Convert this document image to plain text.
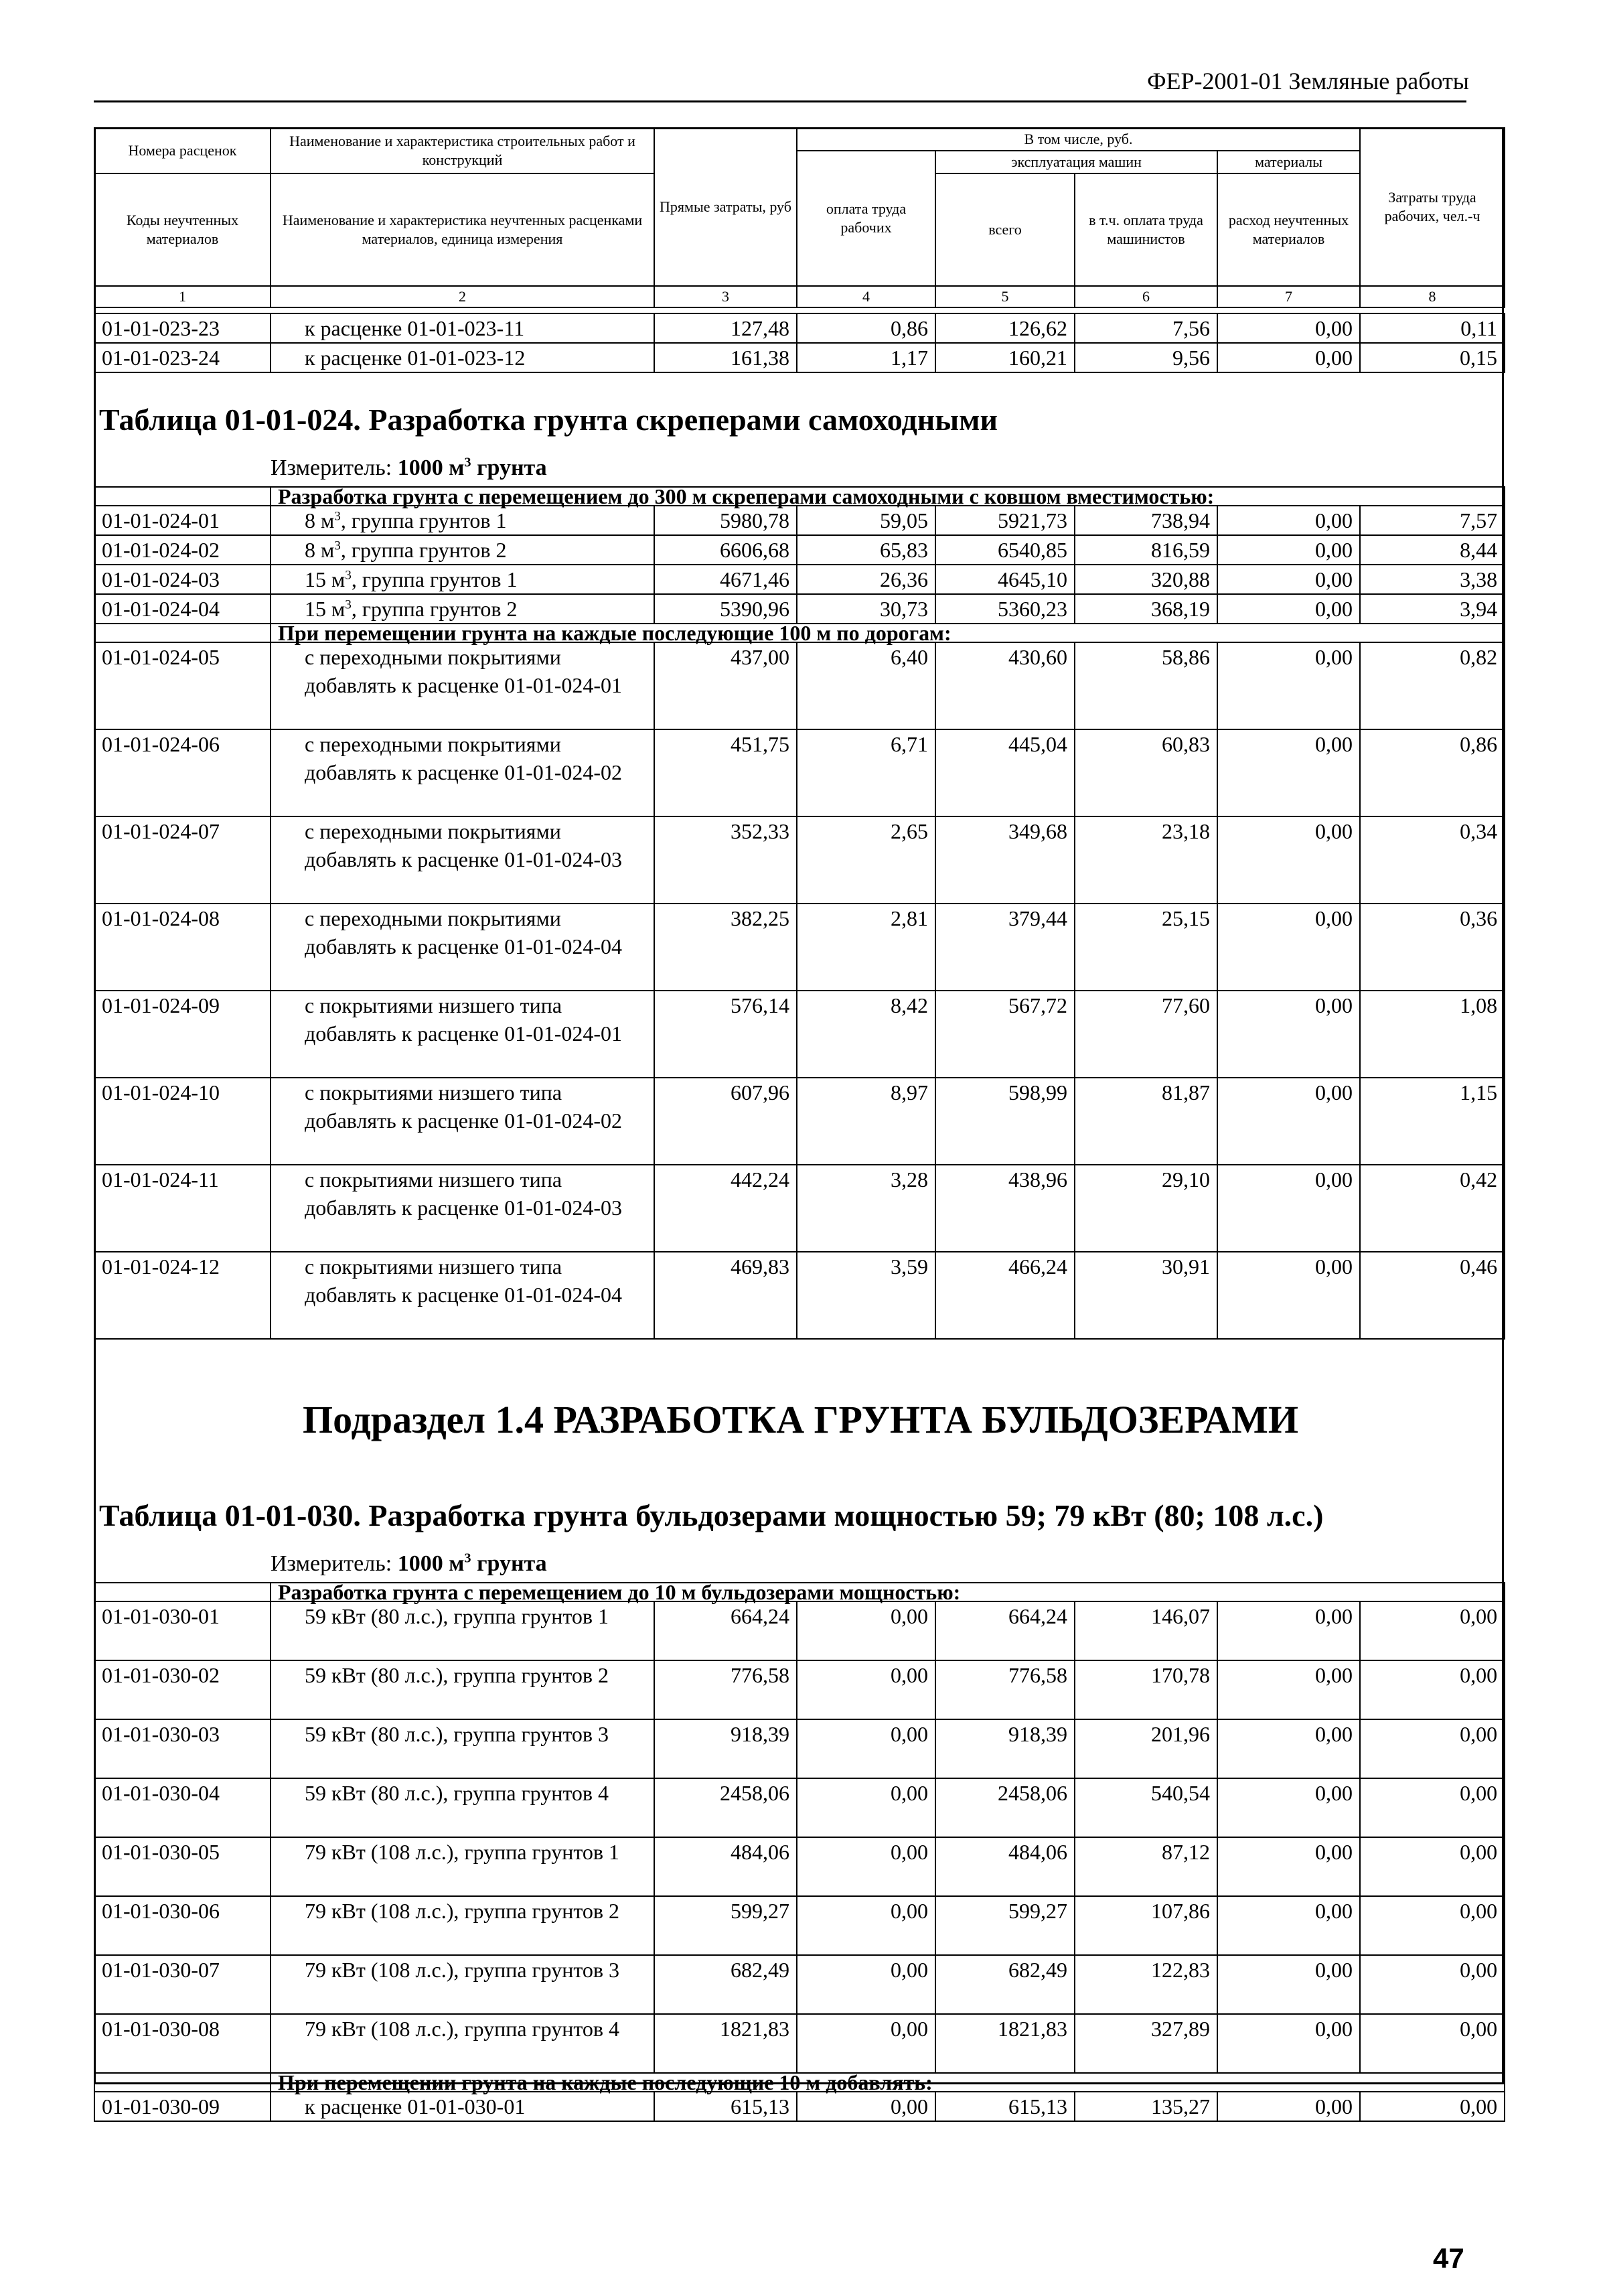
ФЕР-2001-01 Земляные работы
Номера расценок	Наименование и характеристика строительных работ и конструкций	Прямые затраты, руб	В том числе, руб.				Затраты труда рабочих, чел.-ч
			оплата труда рабочих	эксплуатация машин		материалы	
Коды неучтенных материалов	Наименование и характеристика неучтенных расценками материалов, единица измерения			всего	в т.ч. оплата труда машинистов	расход неучтенных материалов	

1	2	3	4	5	6	7	8
01-01-023-23	к расценке 01-01-023-11	127,48	0,86	126,62	7,56	0,00	0,11
01-01-023-24	к расценке 01-01-023-12	161,38	1,17	160,21	9,56	0,00	0,15
Таблица 01-01-024. Разработка грунта скреперами самоходными
Измеритель: 1000 $м^3$ грунта
	Разработка грунта с перемещением до 300 м скреперами самоходными с ковшом вместимостью:						
01-01-024-01	8 $м^3$, группа грунтов 1	5980,78	59,05	5921,73	738,94	0,00	7,57
01-01-024-02	8 $м^3$, группа грунтов 2	6606,68	65,83	6540,85	816,59	0,00	8,44
01-01-024-03	15 $м^3$, группа грунтов 1	4671,46	26,36	4645,10	320,88	0,00	3,38
01-01-024-04	15 $м^3$, группа грунтов 2	5390,96	30,73	5360,23	368,19	0,00	3,94
	При перемещении грунта на каждые последующие 100 м по дорогам:						
01-01-024-05	с переходными покрытиями добавлять к расценке 01-01-024-01	437,00	6,40	430,60	58,86	0,00	0,82
01-01-024-06	с переходными покрытиями добавлять к расценке 01-01-024-02	451,75	6,71	445,04	60,83	0,00	0,86
01-01-024-07	с переходными покрытиями добавлять к расценке 01-01-024-03	352,33	2,65	349,68	23,18	0,00	0,34
01-01-024-08	с переходными покрытиями добавлять к расценке 01-01-024-04	382,25	2,81	379,44	25,15	0,00	0,36
01-01-024-09	с покрытиями низшего типа добавлять к расценке 01-01-024-01	576,14	8,42	567,72	77,60	0,00	1,08
01-01-024-10	с покрытиями низшего типа добавлять к расценке 01-01-024-02	607,96	8,97	598,99	81,87	0,00	1,15
01-01-024-11	с покрытиями низшего типа добавлять к расценке 01-01-024-03	442,24	3,28	438,96	29,10	0,00	0,42
01-01-024-12	с покрытиями низшего типа добавлять к расценке 01-01-024-04	469,83	3,59	466,24	30,91	0,00	0,46
Подраздел 1.4 РАЗРАБОТКА ГРУНТА БУЛЬДОЗЕРАМИ
Таблица 01-01-030. Разработка грунта бульдозерами мощностью 59; 79 кВт (80; 108 л.с.)
Измеритель: 1000 $м^3$ грунта
	Разработка грунта с перемещением до 10 м бульдозерами мощностью:						
01-01-030-01	59 кВт (80 л.с.), группа грунтов 1	664,24	0,00	664,24	146,07	0,00	0,00
01-01-030-02	59 кВт (80 л.с.), группа грунтов 2	776,58	0,00	776,58	170,78	0,00	0,00
01-01-030-03	59 кВт (80 л.с.), группа грунтов 3	918,39	0,00	918,39	201,96	0,00	0,00
01-01-030-04	59 кВт (80 л.с.), группа грунтов 4	2458,06	0,00	2458,06	540,54	0,00	0,00
01-01-030-05	79 кВт (108 л.с.), группа грунтов 1	484,06	0,00	484,06	87,12	0,00	0,00
01-01-030-06	79 кВт (108 л.с.), группа грунтов 2	599,27	0,00	599,27	107,86	0,00	0,00
01-01-030-07	79 кВт (108 л.с.), группа грунтов 3	682,49	0,00	682,49	122,83	0,00	0,00
01-01-030-08	79 кВт (108 л.с.), группа грунтов 4	1821,83	0,00	1821,83	327,89	0,00	0,00
	При перемещении грунта на каждые последующие 10 м добавлять:						
01-01-030-09	к расценке 01-01-030-01	615,13	0,00	615,13	135,27	0,00	0,00
47
